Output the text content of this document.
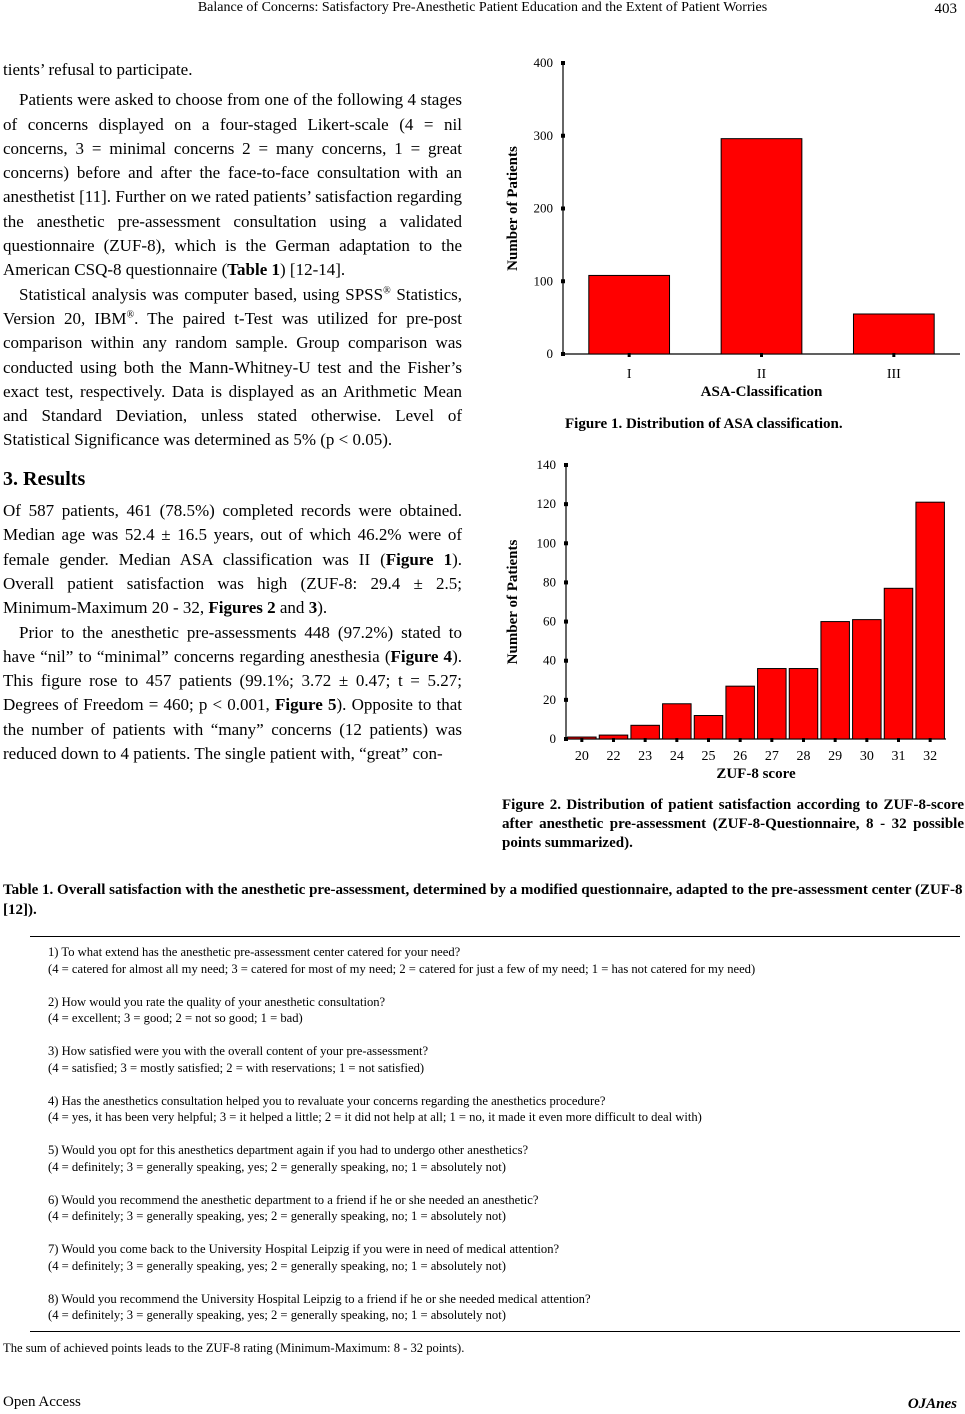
Balance of Concerns: Satisfactory Pre-Anesthetic Patient Education and the Extent of Patient Worries	403

tients’ refusal to participate.

Patients were asked to choose from one of the following 4 stages of concerns displayed on a four-staged Likert-scale (4 = nil concerns, 3 = minimal concerns 2 = many concerns, 1 = great concerns) before and after the face-to-face consultation with an anesthetist [11]. Further on we rated patients’ satisfaction regarding the anesthetic pre-assessment consultation using a validated questionnaire (ZUF-8), which is the German adaptation to the American CSQ-8 questionnaire (Table 1) [12-14].

Statistical analysis was computer based, using SPSS® Statistics, Version 20, IBM®. The paired t-Test was utilized for pre-post comparison within any random sample. Group comparison was conducted using both the Mann-Whitney-U test and the Fisher’s exact test, respectively. Data is displayed as an Arithmetic Mean and Standard Deviation, unless stated otherwise. Level of Statistical Significance was determined as 5% (p < 0.05).

3. Results

Of 587 patients, 461 (78.5%) completed records were obtained. Median age was 52.4 ± 16.5 years, out of which 46.2% were of female gender. Median ASA classification was II (Figure 1). Overall patient satisfaction was high (ZUF-8: 29.4 ± 2.5; Minimum-Maximum 20 - 32, Figures 2 and 3).

Prior to the anesthetic pre-assessments 448 (97.2%) stated to have “nil” to “minimal” concerns regarding anesthesia (Figure 4). This figure rose to 457 patients (99.1%; 3.72 ± 0.47; t = 5.27; Degrees of Freedom = 460; p < 0.001, Figure 5). Opposite to that the number of patients with “many” concerns (12 patients) was reduced down to 4 patients. The single patient with, “great” con-

0
100
200
300
400
I	II	III
ASA-Classification
Number of Patients
Figure 1. Distribution of ASA classification.
0
20
40
60
80
100
120
140
20 22 23 24 25 26 27 28 29 30 31 32
ZUF-8 score
Number of Patients
Figure 2. Distribution of patient satisfaction according to ZUF-8-score after anesthetic pre-assessment (ZUF-8-Questionnaire, 8 - 32 possible points summarized).
Table 1. Overall satisfaction with the anesthetic pre-assessment, determined by a modified questionnaire, adapted to the pre-assessment center (ZUF-8 [12]).
1) To what extend has the anesthetic pre-assessment center catered for your need?
(4 = catered for almost all my need; 3 = catered for most of my need; 2 = catered for just a few of my need; 1 = has not catered for my need)
2) How would you rate the quality of your anesthetic consultation?
(4 = excellent; 3 = good; 2 = not so good; 1 = bad)
3) How satisfied were you with the overall content of your pre-assessment?
(4 = satisfied; 3 = mostly satisfied; 2 = with reservations; 1 = not satisfied)
4) Has the anesthetics consultation helped you to revaluate your concerns regarding the anesthetics procedure?
(4 = yes, it has been very helpful; 3 = it helped a little; 2 = it did not help at all; 1 = no, it made it even more difficult to deal with)
5) Would you opt for this anesthetics department again if you had to undergo other anesthetics?
(4 = definitely; 3 = generally speaking, yes; 2 = generally speaking, no; 1 = absolutely not)
6) Would you recommend the anesthetic department to a friend if he or she needed an anesthetic?
(4 = definitely; 3 = generally speaking, yes; 2 = generally speaking, no; 1 = absolutely not)
7) Would you come back to the University Hospital Leipzig if you were in need of medical attention?
(4 = definitely; 3 = generally speaking, yes; 2 = generally speaking, no; 1 = absolutely not)
8) Would you recommend the University Hospital Leipzig to a friend if he or she needed medical attention?
(4 = definitely; 3 = generally speaking, yes; 2 = generally speaking, no; 1 = absolutely not)
The sum of achieved points leads to the ZUF-8 rating (Minimum-Maximum: 8 - 32 points).
Open Access	OJAnes
